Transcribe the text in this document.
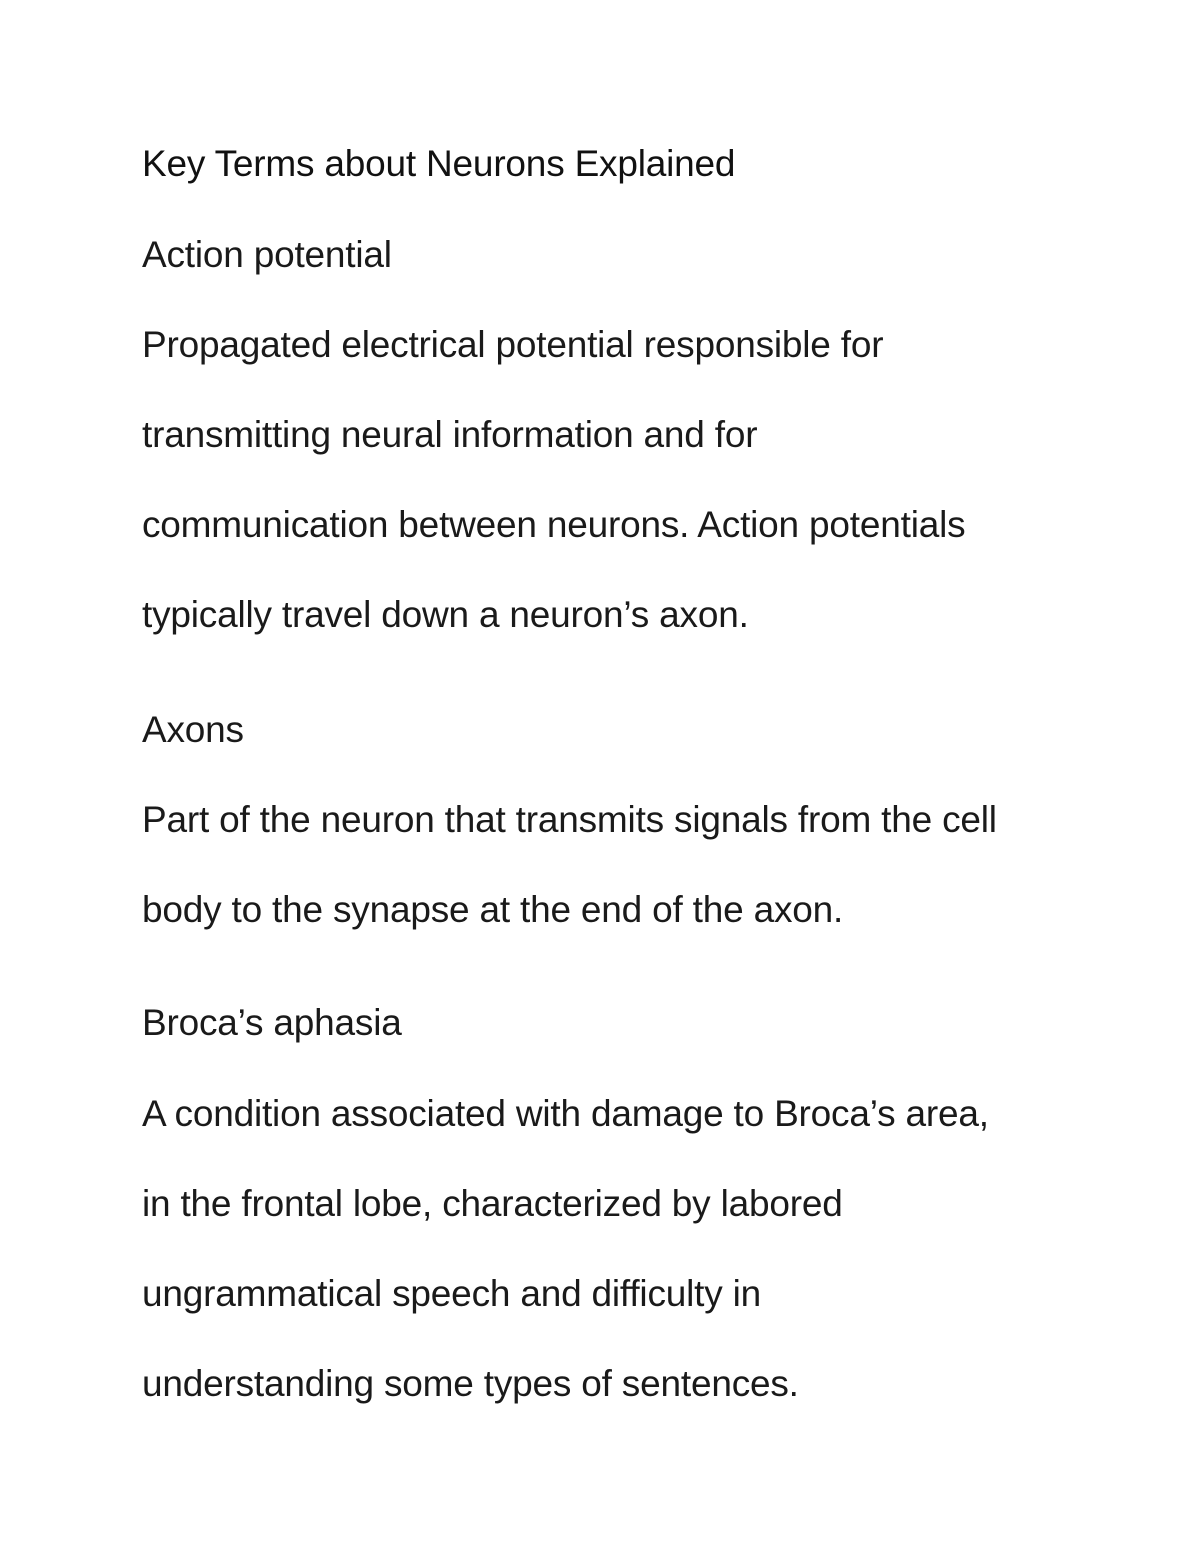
Key Terms about Neurons Explained
Action potential
Propagated electrical potential responsible for
transmitting neural information and for
communication between neurons. Action potentials
typically travel down a neuron’s axon.
Axons
Part of the neuron that transmits signals from the cell
body to the synapse at the end of the axon.
Broca’s aphasia
A condition associated with damage to Broca’s area,
in the frontal lobe, characterized by labored
ungrammatical speech and difficulty in
understanding some types of sentences.
